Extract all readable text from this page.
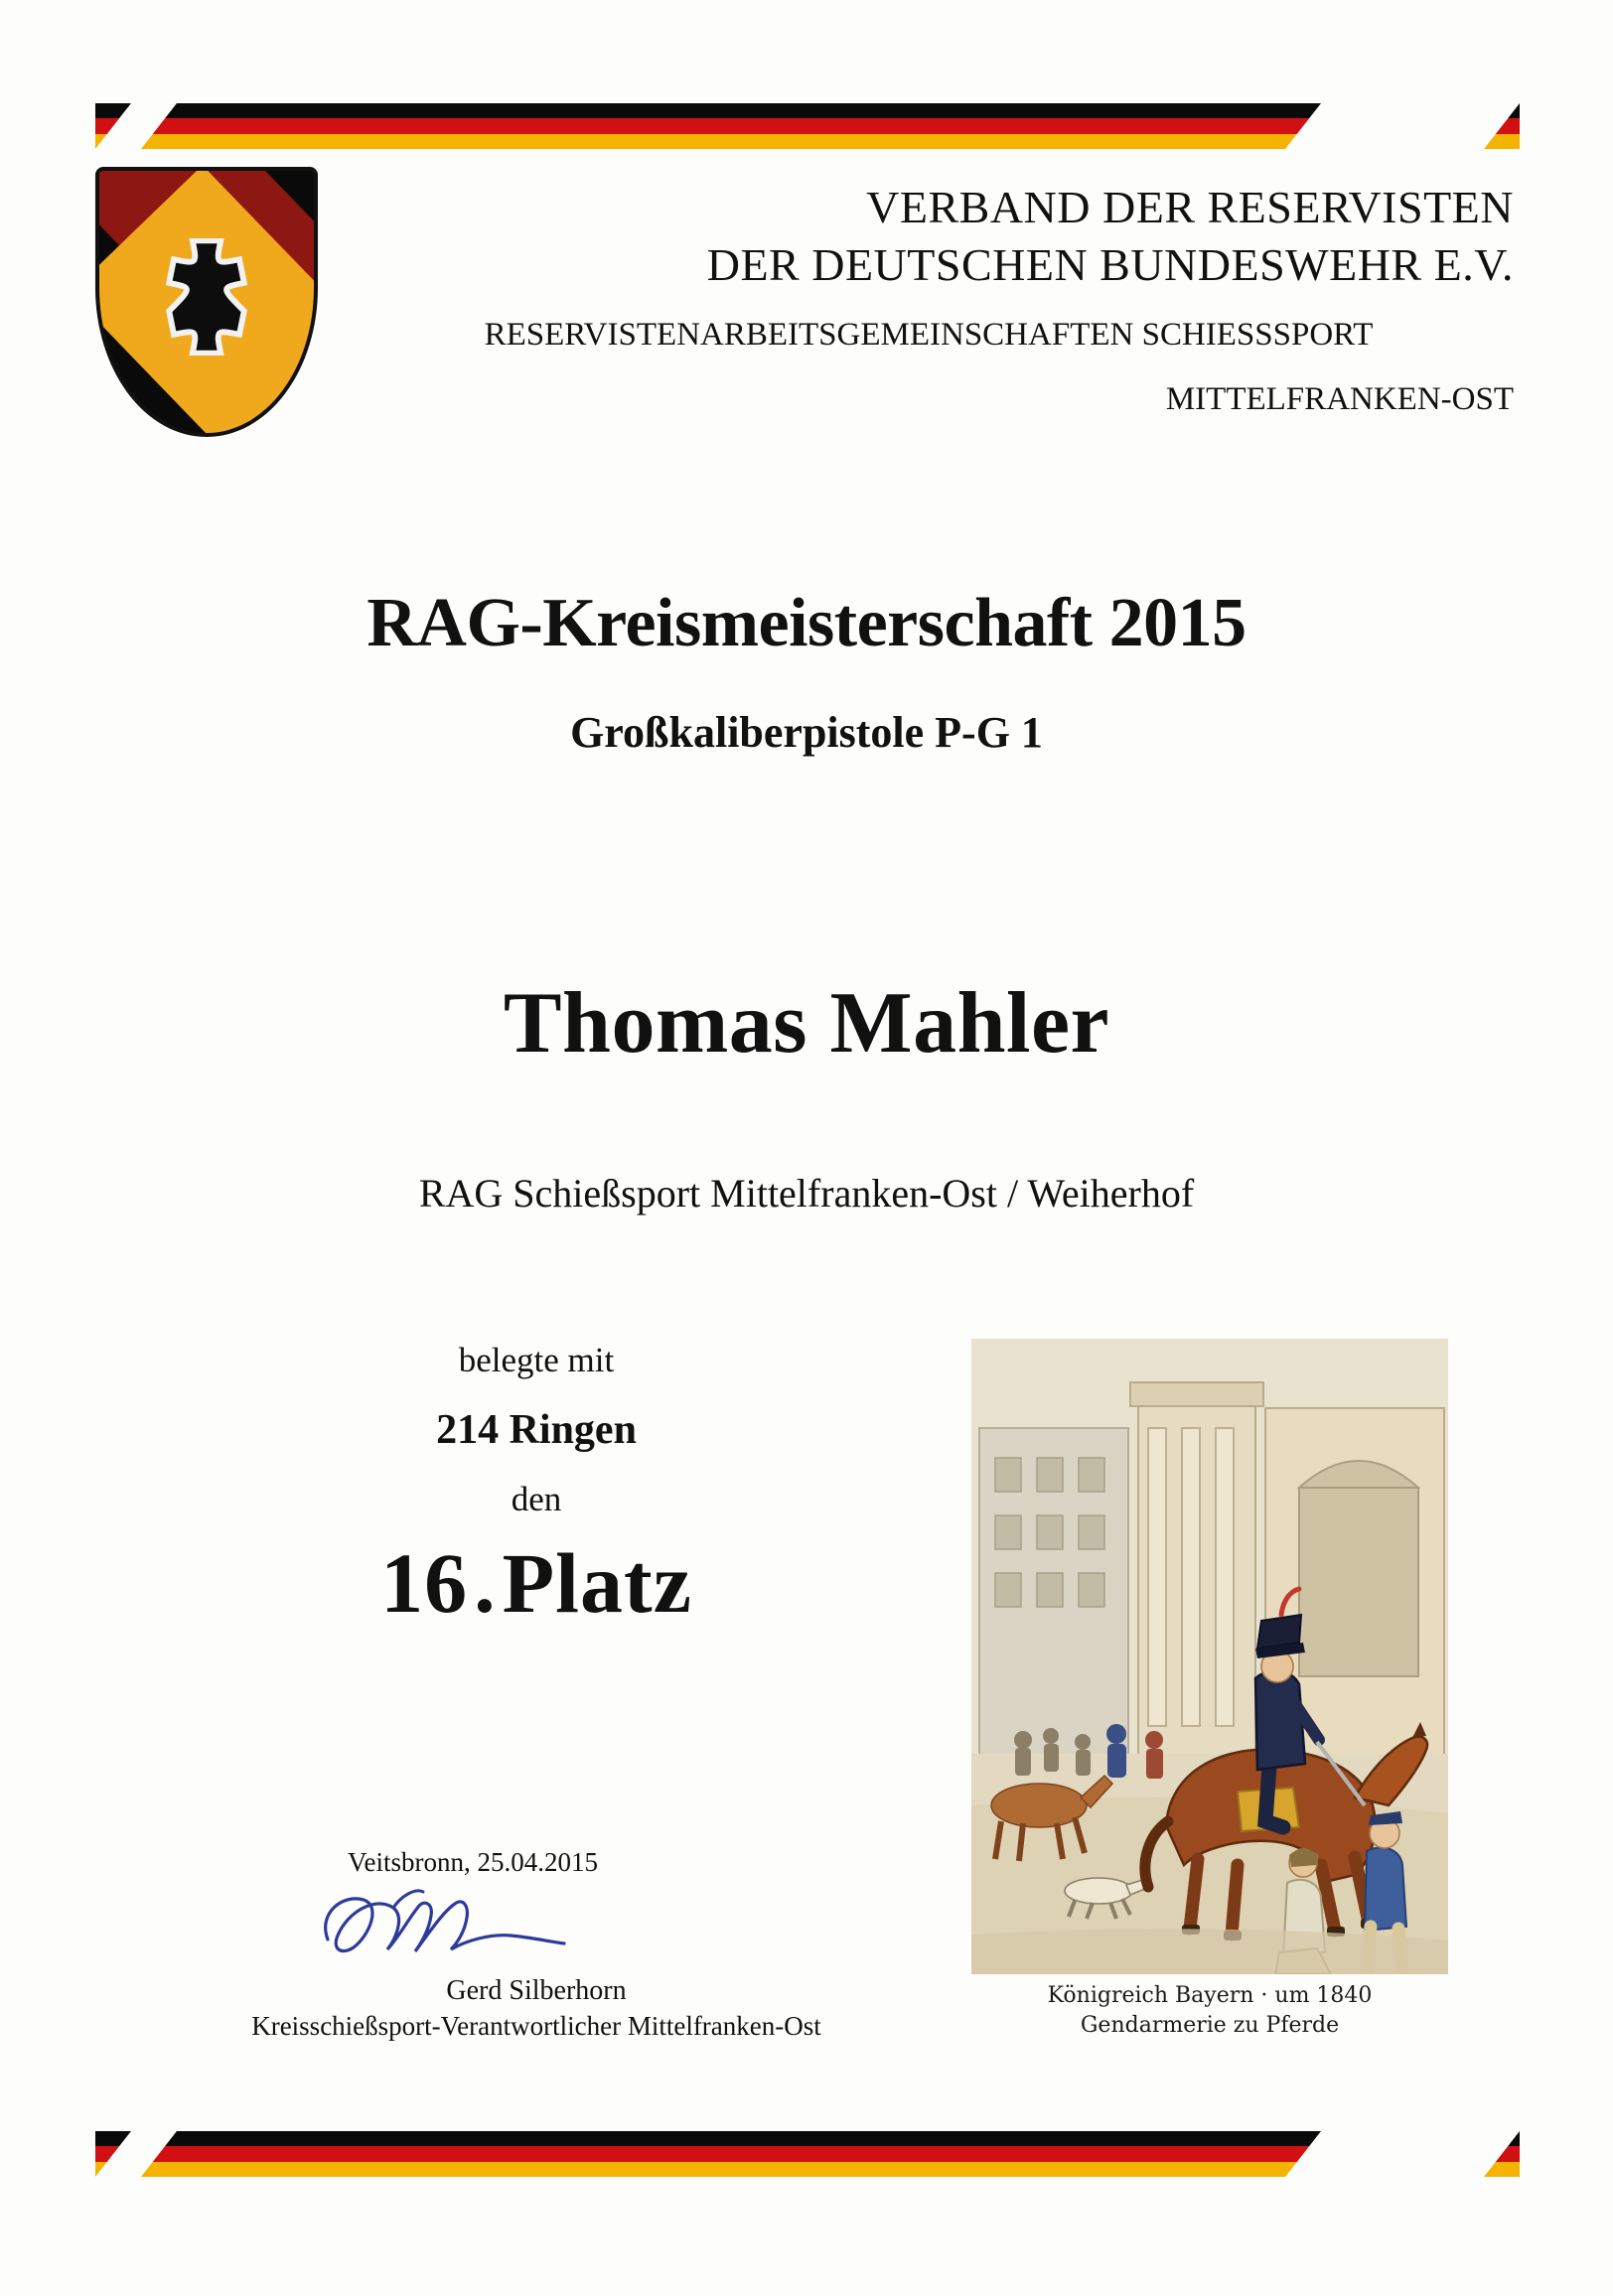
VERBAND DER RESERVISTEN
DER DEUTSCHEN BUNDESWEHR E.V.
RESERVISTENARBEITSGEMEINSCHAFTEN SCHIESSSPORT
MITTELFRANKEN-OST
RAG-Kreismeisterschaft 2015
Großkaliberpistole P-G 1
Thomas Mahler
RAG Schießsport Mittelfranken-Ost / Weiherhof
belegte mit
214 Ringen
den
16.Platz
Veitsbronn, 25.04.2015
Gerd Silberhorn
Kreisschießsport-Verantwortlicher Mittelfranken-Ost
Königreich Bayern · um 1840
Gendarmerie zu Pferde
